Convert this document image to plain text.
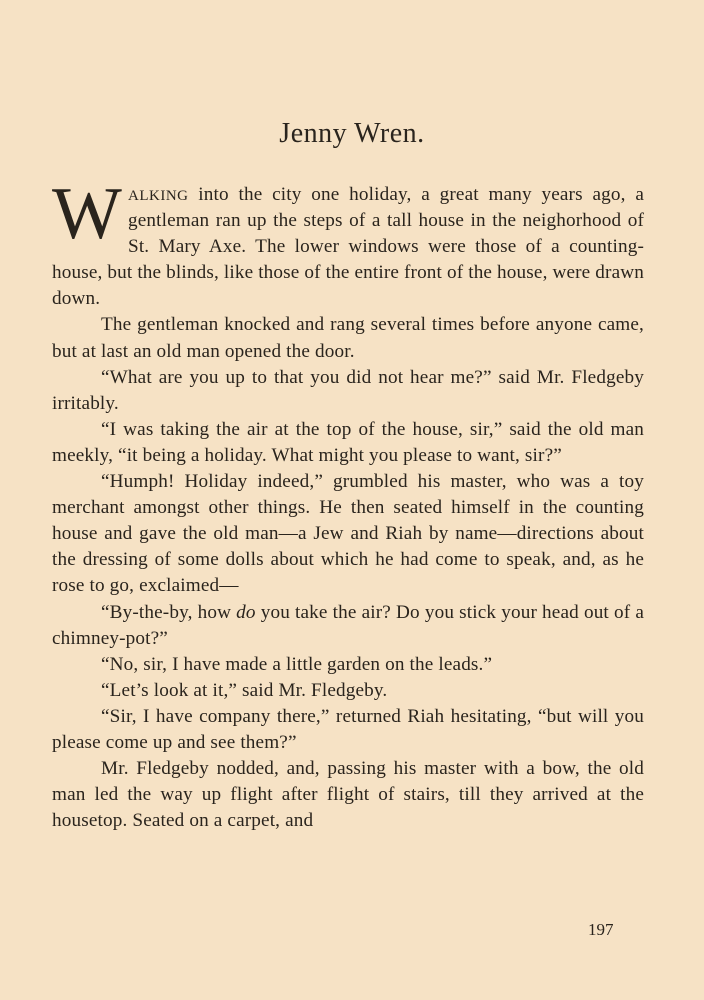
Jenny Wren.

Walking into the city one holiday, a great many years ago, a gentleman ran up the steps of a tall house in the neighorhood of St. Mary Axe. The lower windows were those of a counting-house, but the blinds, like those of the entire front of the house, were drawn down.

The gentleman knocked and rang several times before anyone came, but at last an old man opened the door.

“What are you up to that you did not hear me?” said Mr. Fledgeby irritably.

“I was taking the air at the top of the house, sir,” said the old man meekly, “it being a holiday. What might you please to want, sir?”

“Humph! Holiday indeed,” grumbled his master, who was a toy merchant amongst other things. He then seated himself in the counting house and gave the old man—a Jew and Riah by name—directions about the dressing of some dolls about which he had come to speak, and, as he rose to go, exclaimed—

“By-the-by, how do you take the air? Do you stick your head out of a chimney-pot?”

“No, sir, I have made a little garden on the leads.”

“Let’s look at it,” said Mr. Fledgeby.

“Sir, I have company there,” returned Riah hesitating, “but will you please come up and see them?”

Mr. Fledgeby nodded, and, passing his master with a bow, the old man led the way up flight after flight of stairs, till they arrived at the housetop. Seated on a carpet, and

197
